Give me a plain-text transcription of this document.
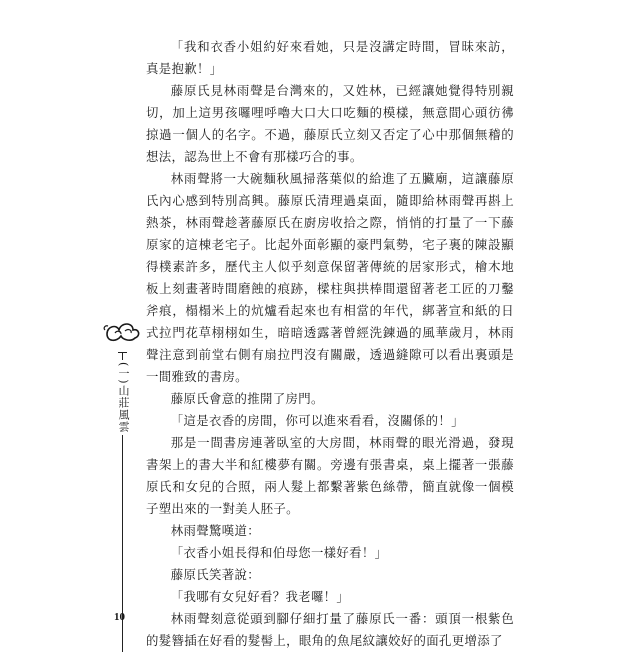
「我和衣香小姐約好來看她，只是沒講定時間，冒昧來訪，真是抱歉！」

藤原氏見林雨聲是台灣來的，又姓林，已經讓她覺得特別親切，加上這男孩囉哩呼嚕大口大口吃麵的模樣，無意間心頭彷彿掠過一個人的名字。不過，藤原氏立刻又否定了心中那個無稽的想法，認為世上不會有那樣巧合的事。

林雨聲將一大碗麵秋風掃落葉似的給進了五臟廟，這讓藤原氏內心感到特別高興。藤原氏清理過桌面，隨即給林雨聲再斟上熱茶，林雨聲趁著藤原氏在廚房收拾之際，悄悄的打量了一下藤原家的這棟老宅子。比起外面彰顯的豪門氣勢，宅子裏的陳設顯得樸素許多，歷代主人似乎刻意保留著傳統的居家形式，檜木地板上刻畫著時間磨蝕的痕跡，樑柱與拱棒間還留著老工匠的刀鑿斧痕，榻榻米上的炕爐看起來也有相當的年代，綁著宣和紙的日式拉門花草栩栩如生，暗暗透露著曾經洗鍊過的風華歲月，林雨聲注意到前堂右側有扇拉門沒有關嚴，透過縫隙可以看出裏頭是一間雅致的書房。

藤原氏會意的推開了房門。

「這是衣香的房間，你可以進來看看，沒關係的！」

那是一間書房連著臥室的大房間，林雨聲的眼光滑過，發現書架上的書大半和紅樓夢有關。旁邊有張書桌，桌上擺著一張藤原氏和女兒的合照，兩人髮上都繫著紫色絲帶，簡直就像一個模子塑出來的一對美人胚子。

林雨聲驚嘆道：

「衣香小姐長得和伯母您一樣好看！」

藤原氏笑著說：

「我哪有女兒好看？我老囉！」

林雨聲刻意從頭到腳仔細打量了藤原氏一番：頭頂一根紫色的髮簪插在好看的髮髻上，眼角的魚尾紋讓姣好的面孔更增添了

(一)山莊風雲
10
